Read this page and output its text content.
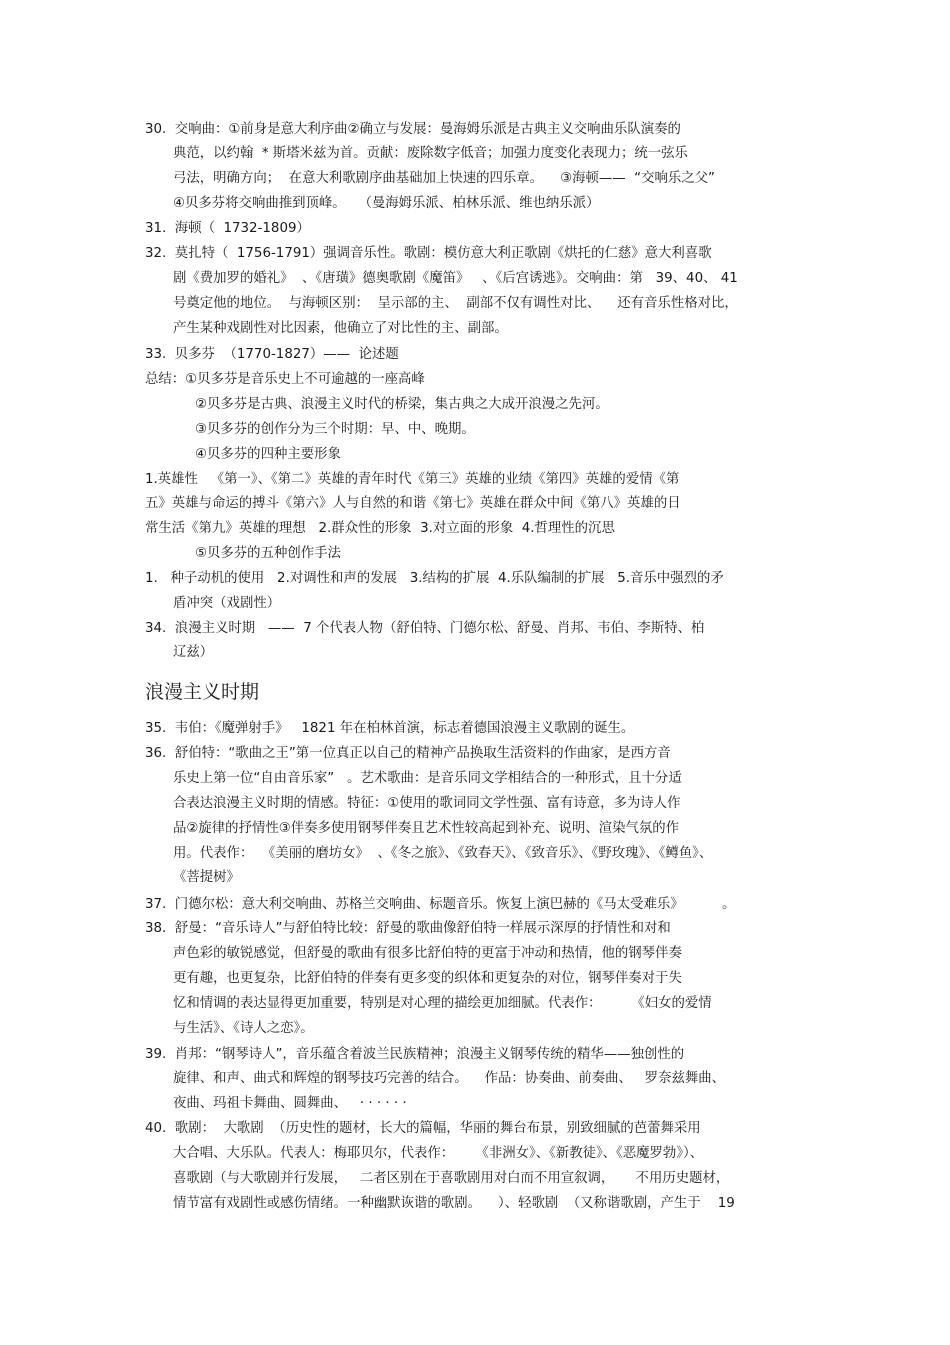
30.  交响曲：①前身是意大利序曲②确立与发展：曼海姆乐派是古典主义交响曲乐队演奏的
典范，以约翰  * 斯塔米兹为首。贡献：废除数字低音；加强力度变化表现力；统一弦乐
弓法，明确方向；  在意大利歌剧序曲基础加上快速的四乐章。    ③海顿——  “交响乐之父”
④贝多芬将交响曲推到顶峰。   （曼海姆乐派、柏林乐派、维也纳乐派）
31.  海顿（  1732-1809）
32.  莫扎特（  1756-1791）强调音乐性。歌剧：模仿意大利正歌剧《烘托的仁慈》意大利喜歌
剧《费加罗的婚礼》  、《唐璜》德奥歌剧《魔笛》   、《后宫诱逃》。交响曲：第   39、40、 41
号奠定他的地位。  与海顿区别：  呈示部的主、  副部不仅有调性对比、    还有音乐性格对比，
产生某种戏剧性对比因素，他确立了对比性的主、副部。
33.  贝多芬  （1770-1827）——  论述题
总结：①贝多芬是音乐史上不可逾越的一座高峰
②贝多芬是古典、浪漫主义时代的桥梁，集古典之大成开浪漫之先河。
③贝多芬的创作分为三个时期：早、中、晚期。
④贝多芬的四种主要形象
1.英雄性   《第一》、《第二》英雄的青年时代《第三》英雄的业绩《第四》英雄的爱情《第
五》英雄与命运的搏斗《第六》人与自然的和谐《第七》英雄在群众中间《第八》英雄的日
常生活《第九》英雄的理想   2.群众性的形象  3.对立面的形象  4.哲理性的沉思
⑤贝多芬的五种创作手法
1.   种子动机的使用   2.对调性和声的发展   3.结构的扩展  4.乐队编制的扩展   5.音乐中强烈的矛
盾冲突（戏剧性）
34.  浪漫主义时期   ——  7 个代表人物（舒伯特、门德尔松、舒曼、肖邦、韦伯、李斯特、柏
辽兹）
浪漫主义时期
35.  韦伯：《魔弹射手》   1821 年在柏林首演，标志着德国浪漫主义歌剧的诞生。
36.  舒伯特：“歌曲之王”第一位真正以自己的精神产品换取生活资料的作曲家，是西方音
乐史上第一位“自由音乐家”   。艺术歌曲：是音乐同文学相结合的一种形式，且十分适
合表达浪漫主义时期的情感。特征：①使用的歌词同文学性强、富有诗意，多为诗人作
品②旋律的抒情性③伴奏多使用钢琴伴奏且艺术性较高起到补充、说明、渲染气氛的作
用。代表作：  《美丽的磨坊女》  、《冬之旅》、《致春天》、《致音乐》、《野玫瑰》、《鳟鱼》、
《菩提树》
37.  门德尔松：意大利交响曲、苏格兰交响曲、标题音乐。恢复上演巴赫的《马太受难乐》         。
38.  舒曼：“音乐诗人”与舒伯特比较：舒曼的歌曲像舒伯特一样展示深厚的抒情性和对和
声色彩的敏锐感觉，但舒曼的歌曲有很多比舒伯特的更富于冲动和热情，他的钢琴伴奏
更有趣，也更复杂，比舒伯特的伴奏有更多变的织体和更复杂的对位，钢琴伴奏对于失
忆和情调的表达显得更加重要，特别是对心理的描绘更加细腻。代表作：       《妇女的爱情
与生活》、《诗人之恋》。
39.  肖邦：“钢琴诗人”，音乐蕴含着波兰民族精神；浪漫主义钢琴传统的精华——独创性的
旋律、和声、曲式和辉煌的钢琴技巧完善的结合。    作品：协奏曲、前奏曲、   罗奈兹舞曲、
夜曲、玛祖卡舞曲、圆舞曲、   · · · · · ·
40.  歌剧：  大歌剧  （历史性的题材，长大的篇幅，华丽的舞台布景，别致细腻的芭蕾舞采用
大合唱、大乐队。代表人：梅耶贝尔，代表作：     《非洲女》、《新教徒》、《恶魔罗勃》）、
喜歌剧（与大歌剧并行发展，   二者区别在于喜歌剧用对白而不用宣叙调，     不用历史题材，
情节富有戏剧性或感伤情绪。一种幽默诙谐的歌剧。    ）、轻歌剧  （又称谐歌剧，产生于    19
